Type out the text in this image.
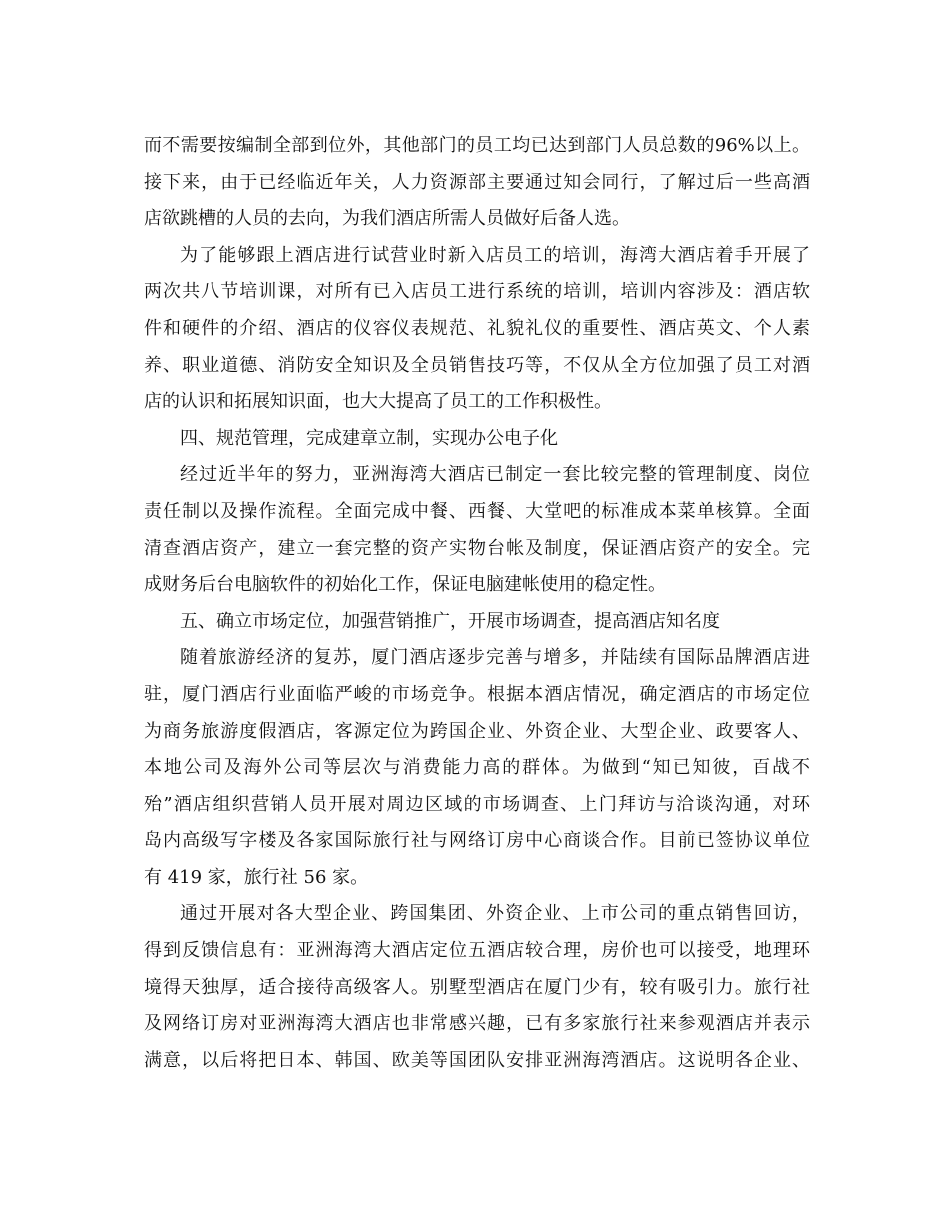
而不需要按编制全部到位外，其他部门的员工均已达到部门人员总数的96%以上。
接下来，由于已经临近年关，人力资源部主要通过知会同行，了解过后一些高酒
店欲跳槽的人员的去向，为我们酒店所需人员做好后备人选。
为了能够跟上酒店进行试营业时新入店员工的培训，海湾大酒店着手开展了
两次共八节培训课，对所有已入店员工进行系统的培训，培训内容涉及：酒店软
件和硬件的介绍、酒店的仪容仪表规范、礼貌礼仪的重要性、酒店英文、个人素
养、职业道德、消防安全知识及全员销售技巧等，不仅从全方位加强了员工对酒
店的认识和拓展知识面，也大大提高了员工的工作积极性。
四、规范管理，完成建章立制，实现办公电子化
经过近半年的努力，亚洲海湾大酒店已制定一套比较完整的管理制度、岗位
责任制以及操作流程。全面完成中餐、西餐、大堂吧的标准成本菜单核算。全面
清查酒店资产，建立一套完整的资产实物台帐及制度，保证酒店资产的安全。完
成财务后台电脑软件的初始化工作，保证电脑建帐使用的稳定性。
五、确立市场定位，加强营销推广，开展市场调查，提高酒店知名度
随着旅游经济的复苏，厦门酒店逐步完善与增多，并陆续有国际品牌酒店进
驻，厦门酒店行业面临严峻的市场竞争。根据本酒店情况，确定酒店的市场定位
为商务旅游度假酒店，客源定位为跨国企业、外资企业、大型企业、政要客人、
本地公司及海外公司等层次与消费能力高的群体。为做到“知已知彼，百战不
殆”酒店组织营销人员开展对周边区域的市场调查、上门拜访与洽谈沟通，对环
岛内高级写字楼及各家国际旅行社与网络订房中心商谈合作。目前已签协议单位
有 419 家，旅行社 56 家。
通过开展对各大型企业、跨国集团、外资企业、上市公司的重点销售回访，
得到反馈信息有：亚洲海湾大酒店定位五酒店较合理，房价也可以接受，地理环
境得天独厚，适合接待高级客人。别墅型酒店在厦门少有，较有吸引力。旅行社
及网络订房对亚洲海湾大酒店也非常感兴趣，已有多家旅行社来参观酒店并表示
满意，以后将把日本、韩国、欧美等国团队安排亚洲海湾酒店。这说明各企业、
